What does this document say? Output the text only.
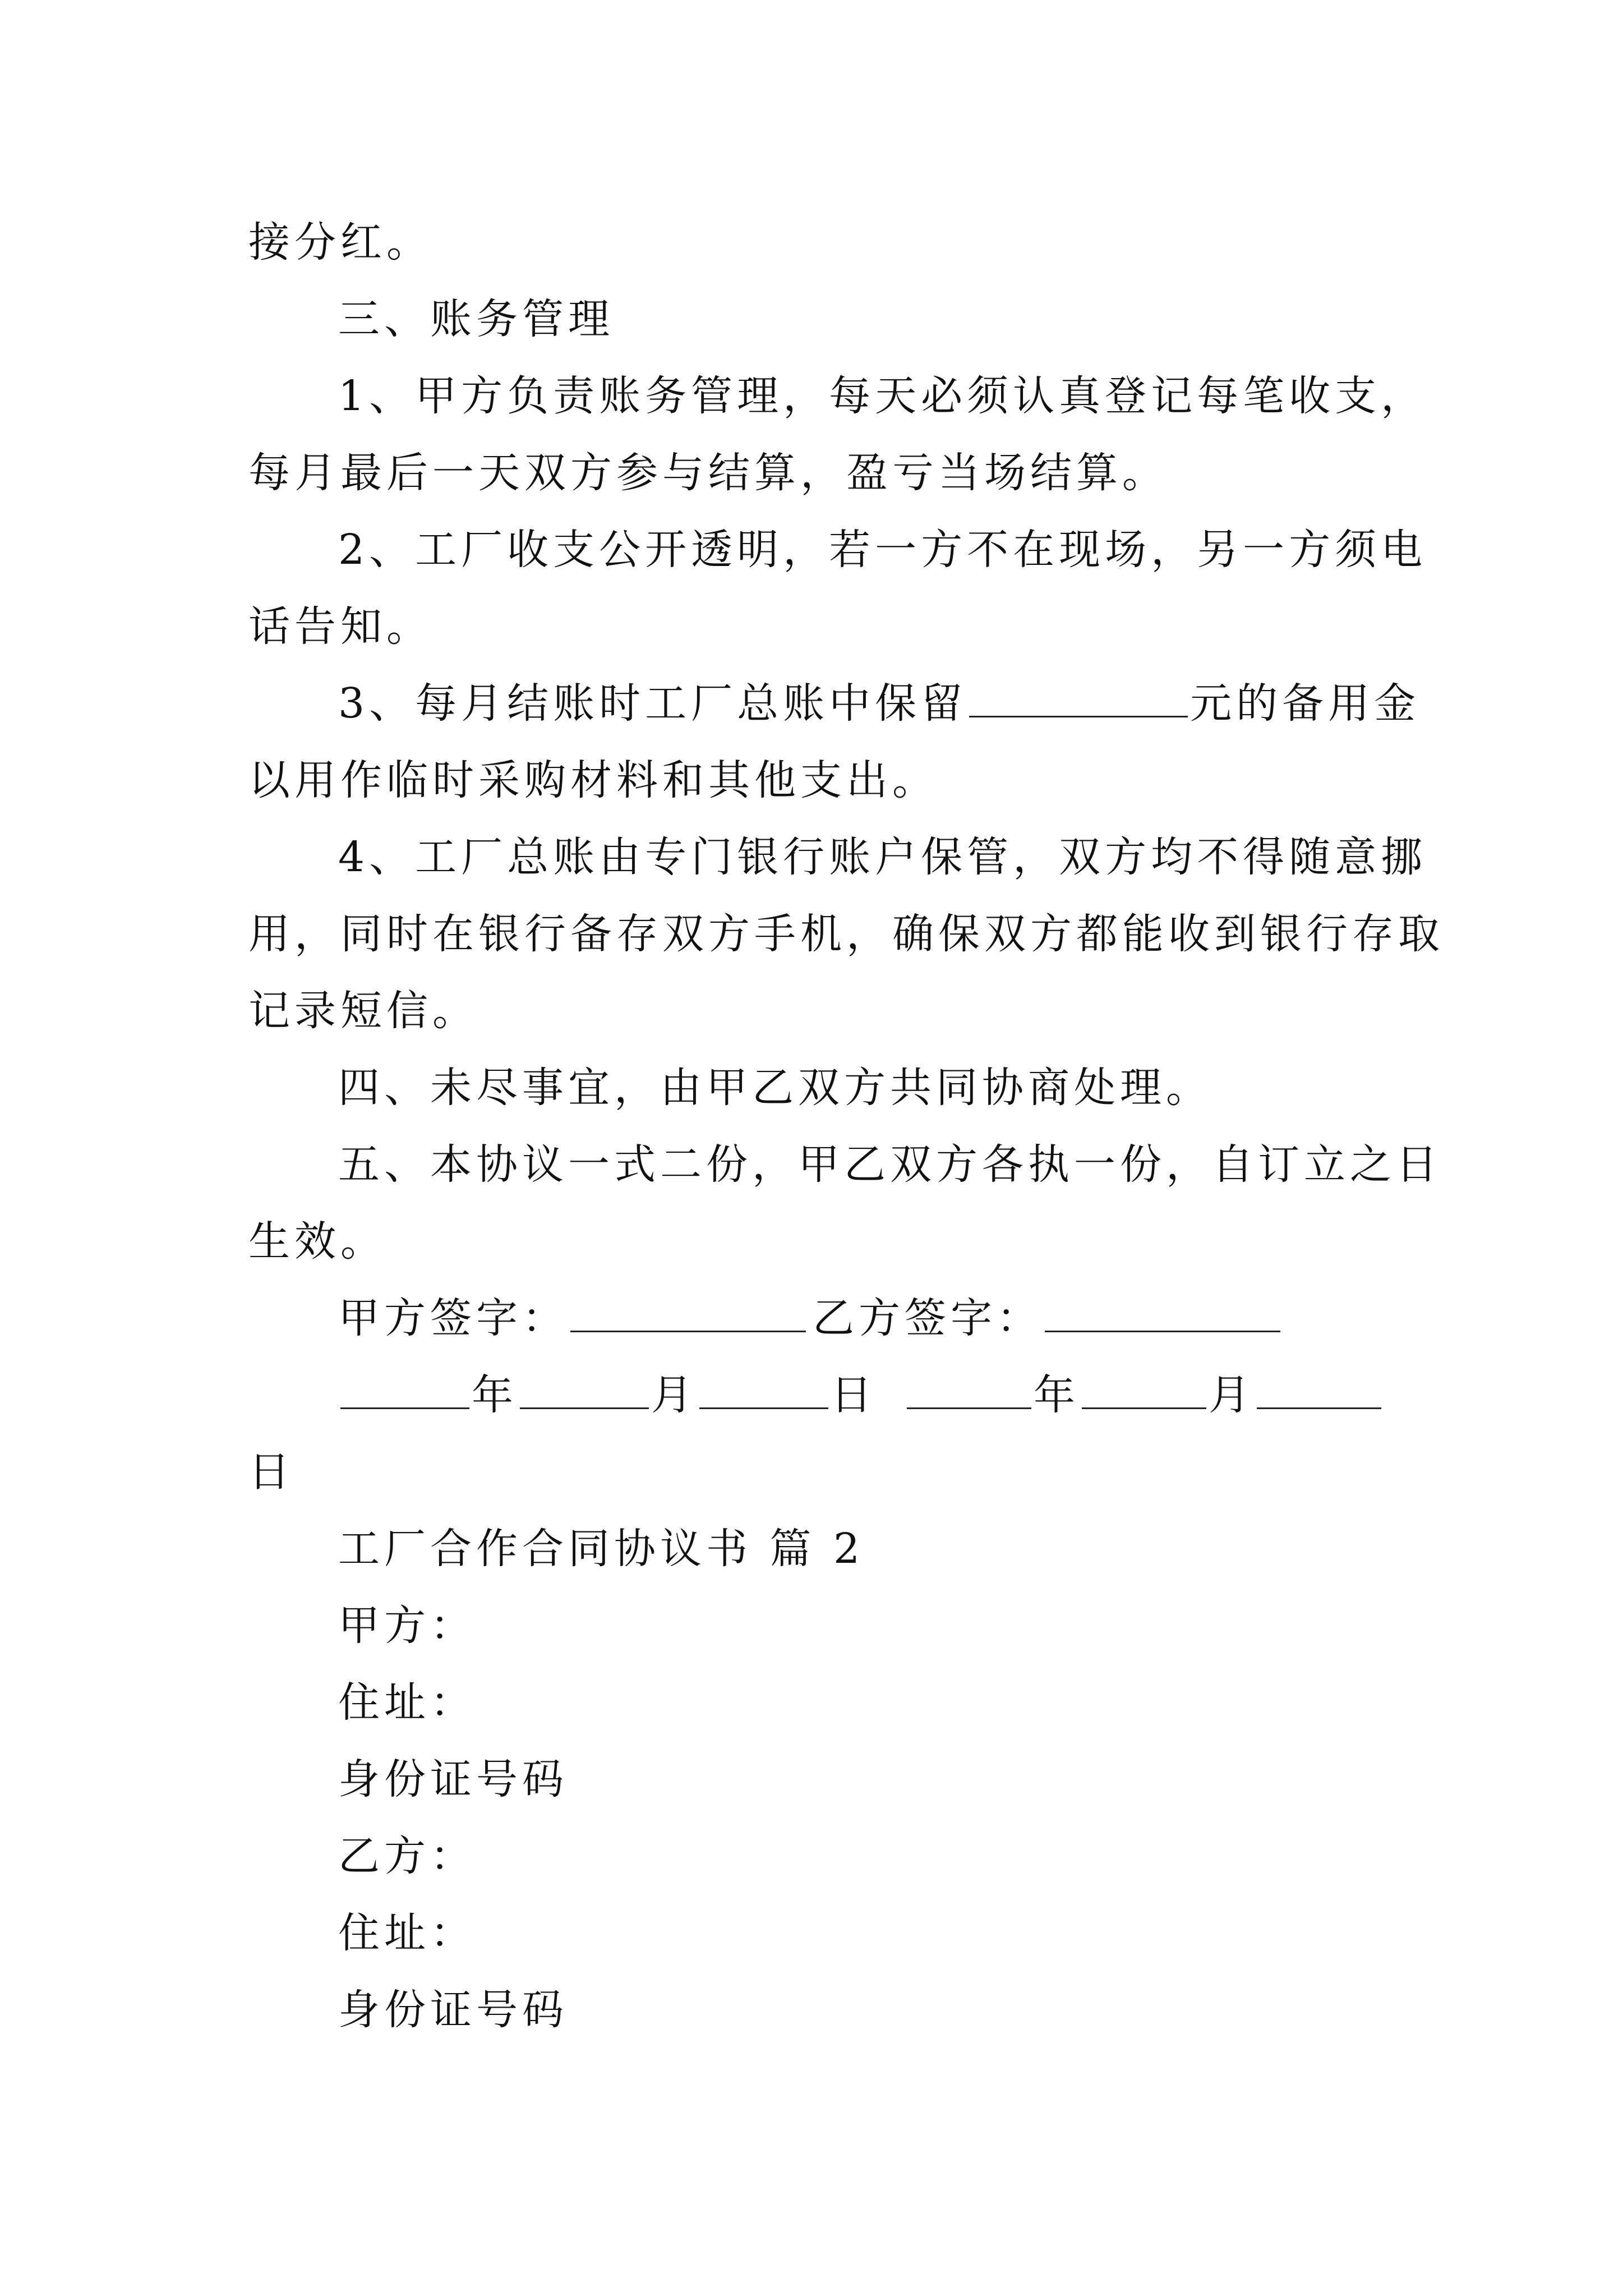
接分红。
三、账务管理
1、甲方负责账务管理，每天必须认真登记每笔收支，
每月最后一天双方参与结算，盈亏当场结算。
2、工厂收支公开透明，若一方不在现场，另一方须电
话告知。
3、每月结账时工厂总账中保留	元的备用金
以用作临时采购材料和其他支出。
4、工厂总账由专门银行账户保管，双方均不得随意挪
用，同时在银行备存双方手机，确保双方都能收到银行存取
记录短信。
四、未尽事宜，由甲乙双方共同协商处理。
五、本协议一式二份，甲乙双方各执一份，自订立之日
生效。
甲方签字：	乙方签字：
年	月	日	年	月
日
工厂合作合同协议书 篇 2
甲方：
住址：
身份证号码
乙方：
住址：
身份证号码
